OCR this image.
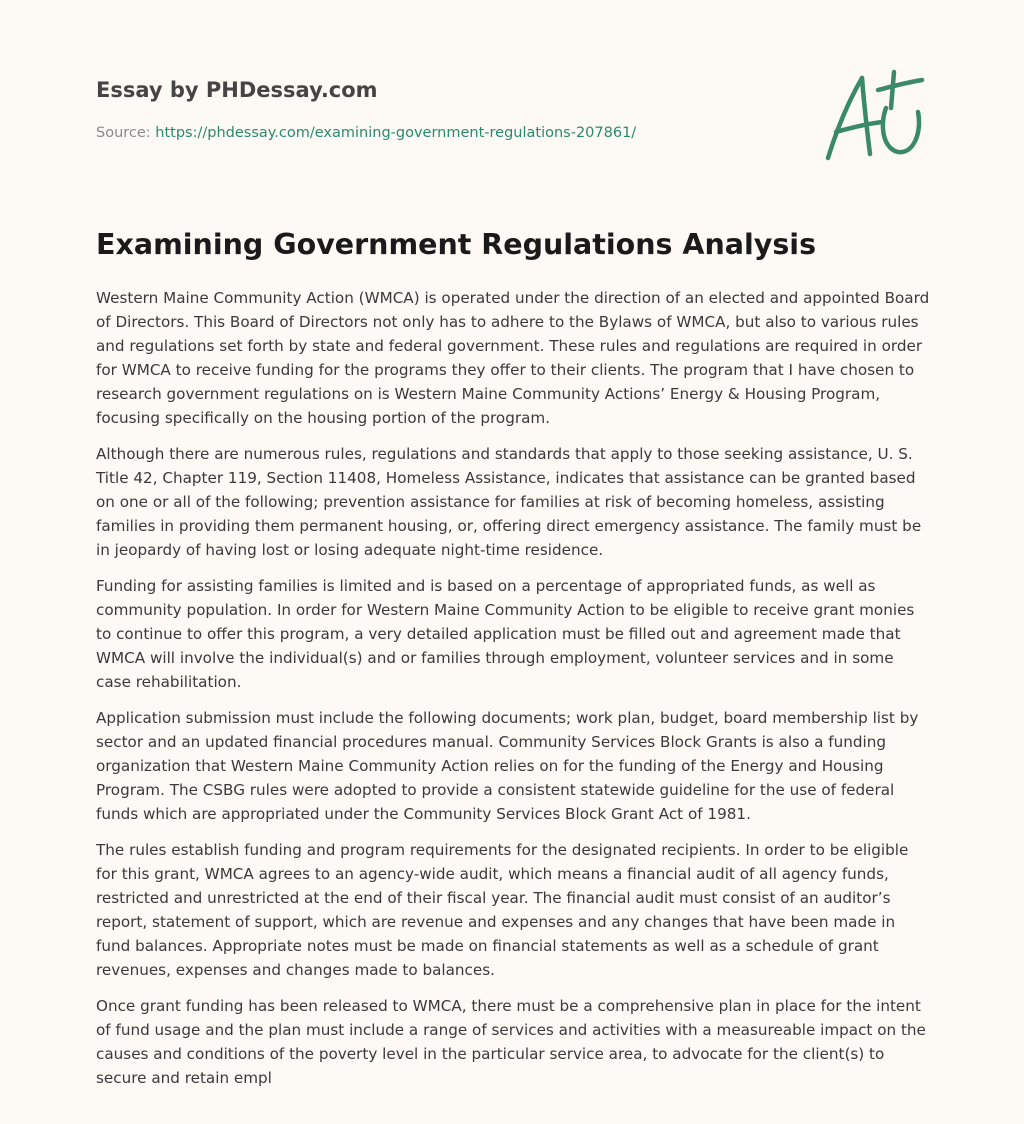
Essay by PHDessay.com
Source: https://phdessay.com/examining-government-regulations-207861/
Examining Government Regulations Analysis

Western Maine Community Action (WMCA) is operated under the direction of an elected and appointed Board of Directors. This Board of Directors not only has to adhere to the Bylaws of WMCA, but also to various rules and regulations set forth by state and federal government. These rules and regulations are required in order for WMCA to receive funding for the programs they offer to their clients. The program that I have chosen to research government regulations on is Western Maine Community Actions’ Energy & Housing Program, focusing specifically on the housing portion of the program.

Although there are numerous rules, regulations and standards that apply to those seeking assistance, U. S. Title 42, Chapter 119, Section 11408, Homeless Assistance, indicates that assistance can be granted based on one or all of the following; prevention assistance for families at risk of becoming homeless, assisting families in providing them permanent housing, or, offering direct emergency assistance. The family must be in jeopardy of having lost or losing adequate night-time residence.

Funding for assisting families is limited and is based on a percentage of appropriated funds, as well as community population. In order for Western Maine Community Action to be eligible to receive grant monies to continue to offer this program, a very detailed application must be filled out and agreement made that WMCA will involve the individual(s) and or families through employment, volunteer services and in some case rehabilitation.

Application submission must include the following documents; work plan, budget, board membership list by sector and an updated financial procedures manual. Community Services Block Grants is also a funding organization that Western Maine Community Action relies on for the funding of the Energy and Housing Program. The CSBG rules were adopted to provide a consistent statewide guideline for the use of federal funds which are appropriated under the Community Services Block Grant Act of 1981.

The rules establish funding and program requirements for the designated recipients. In order to be eligible for this grant, WMCA agrees to an agency-wide audit, which means a financial audit of all agency funds, restricted and unrestricted at the end of their fiscal year. The financial audit must consist of an auditor’s report, statement of support, which are revenue and expenses and any changes that have been made in fund balances. Appropriate notes must be made on financial statements as well as a schedule of grant revenues, expenses and changes made to balances.

Once grant funding has been released to WMCA, there must be a comprehensive plan in place for the intent of fund usage and the plan must include a range of services and activities with a measureable impact on the causes and conditions of the poverty level in the particular service area, to advocate for the client(s) to secure and retain empl
